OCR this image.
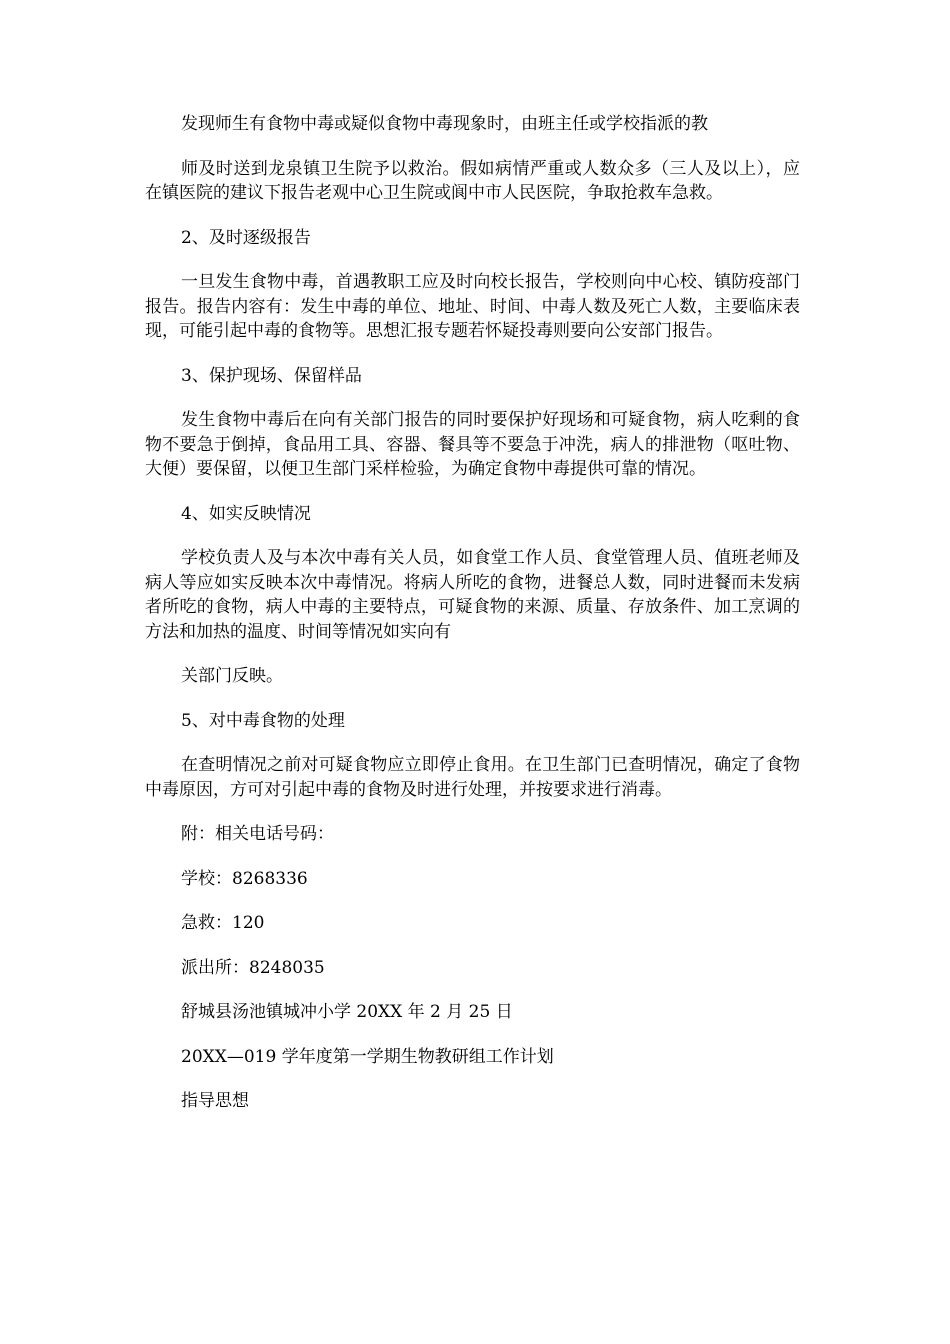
发现师生有食物中毒或疑似食物中毒现象时，由班主任或学校指派的教

师及时送到龙泉镇卫生院予以救治。假如病情严重或人数众多（三人及以上），应在镇医院的建议下报告老观中心卫生院或阆中市人民医院，争取抢救车急救。

2、及时逐级报告

一旦发生食物中毒，首遇教职工应及时向校长报告，学校则向中心校、镇防疫部门报告。报告内容有：发生中毒的单位、地址、时间、中毒人数及死亡人数，主要临床表现，可能引起中毒的食物等。思想汇报专题若怀疑投毒则要向公安部门报告。

3、保护现场、保留样品

发生食物中毒后在向有关部门报告的同时要保护好现场和可疑食物，病人吃剩的食物不要急于倒掉，食品用工具、容器、餐具等不要急于冲洗，病人的排泄物（呕吐物、大便）要保留，以便卫生部门采样检验，为确定食物中毒提供可靠的情况。

4、如实反映情况

学校负责人及与本次中毒有关人员，如食堂工作人员、食堂管理人员、值班老师及病人等应如实反映本次中毒情况。将病人所吃的食物，进餐总人数，同时进餐而未发病者所吃的食物，病人中毒的主要特点，可疑食物的来源、质量、存放条件、加工烹调的方法和加热的温度、时间等情况如实向有

关部门反映。

5、对中毒食物的处理

在查明情况之前对可疑食物应立即停止食用。在卫生部门已查明情况，确定了食物中毒原因，方可对引起中毒的食物及时进行处理，并按要求进行消毒。

附：相关电话号码：

学校：8268336

急救：120

派出所：8248035

舒城县汤池镇城冲小学 20XX 年 2 月 25 日

20XX—019 学年度第一学期生物教研组工作计划

指导思想
